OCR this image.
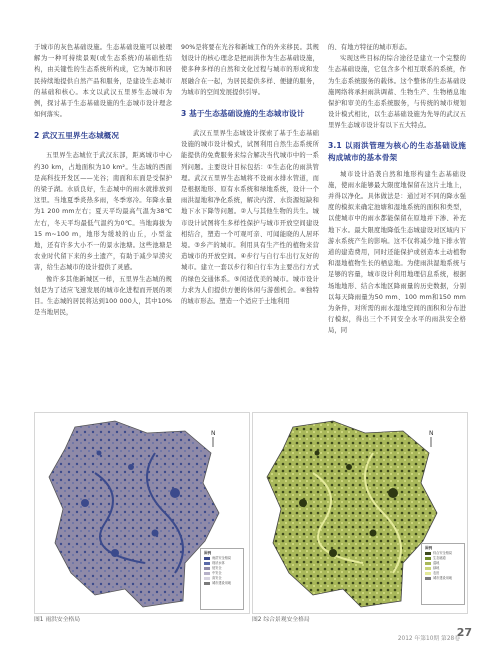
于城市的灰色基础设施。生态基础设施可以被理解为一种可持续景观(或生态系统)的基础性结构，由关键性的生态系统所构成，它为城市和居民持续地提供自然产品和服务，是建设生态城市的基础和核心。本文以武汉五里界生态城市为例，探讨基于生态基础设施的生态城市设计理念如何落实。

2 武汉五里界生态城概况

五里界生态城位于武汉东部，距离城市中心约30 km，占地面积为10 km²。生态城的西面是高科技开发区——光谷；南面和东面是受保护的梁子湖。水质良好，生态城中的雨水就排放到这里。当地夏季炎热多雨，冬季寒冷。年降水量为1 200 mm左右；夏天平均最高气温为38℃左右，冬天平均最低气温约为0℃。当地海拔为15 m~100 m，地形为缓坡的山丘，小型盆地，还有许多大小不一的景水池塘。这些池塘是农业时代留下来的乡土遗产，有助于减少旱涝灾害，给生态城市的设计提供了灵感。

像许多其他新城区一样，五里界生态城的规划是为了适应飞速发展的城市化进程而开展的项目。生态城的居民将达到100 000人，其中10%是当地居民，

90%是将要在光谷和新城工作的外来移民。其规划设计的核心理念是把雨洪作为生态基础设施，使多种多样的自然和文化过程与城市的形成和发展融合在一起，为居民提供多样、便捷的服务，为城市的空间发展提供引导。

3 基于生态基础设施的生态城市设计

武汉五里界生态城设计探索了基于生态基础设施的城市设计模式，试图利用自然生态系统所能提供的免费服务来综合解决当代城市中的一系列问题。主要设计目标包括：①生态化的雨洪管理。武汉五里界生态城将不设雨水排水管道，而是根据地形、原有水系统和绿地系统，设计一个雨洪湿地和净化系统，解决内涝、水资源短缺和地下水下降等问题。②人与其他生物的共生。城市设计试图将生多样性保护与城市开放空间建设相结合，塑造一个可观可亲、可闻能晓的人居环境。③乡产的城市。利用具有生产性的植物来营造城市的开放空间。④步行与自行车出行友好的城市。建立一套以步行和自行车为主要出行方式的绿色交通体系。⑤闲适优美的城市。城市设计力求为人们提供方便的休闲与游憩机会。⑥独特的城市形态。塑造一个适应于土地利用

的、有地方特征的城市形态。

实现这些目标的综合途径是建立一个完整的生态基础设施，它包含多个相互联系的系统，作为生态系统服务的载体。这个整体的生态基础设施网络将承担雨洪调蓄、生物生产、生物栖息地保护和审美的生态系统服务，与传统的城市规划设计模式相比，以生态基础设施为先导的武汉五里界生态城市设计有以下五大特点。

3.1 以雨洪管理为核心的生态基础设施构成城市的基本骨架

城市设计沿袭自然和地形构建生态基础设施，使雨水能够最大限度地保留在这片土地上，并得以净化。具体做法是：通过对不同的降水强度的模拟来确定池塘和湿地系统的面积和类型，以使城市中的雨水都能保留在原地并下渗、补充地下水。最大限度地降低生态城建设对区域内下游水系统产生的影响。这不仅将减少地下排水管道的建造费用，同时还能保护或创造本土动植物和湿地植物生长的栖息地。为使雨洪湿地系统与足够的容量，城市设计利用地理信息系统，根据场地地形、结合本地区降雨量的历史数据，分别以每天降雨量为50 mm、100 mm和150 mm为条件，对所需的雨水湿地空间的面积和分布进行模拟，得出三个不同安全水平的雨洪安全格局，同

N
图例
雨洪安全格局
现状水体
低安全
中安全
高安全
城市建设用地
图1 雨洪安全格局
N
图例
综合安全格局
生态廊道
湿地
绿地
农田
城市建设用地
图2 综合景观安全格局
2012 年第10期 第28卷
27
